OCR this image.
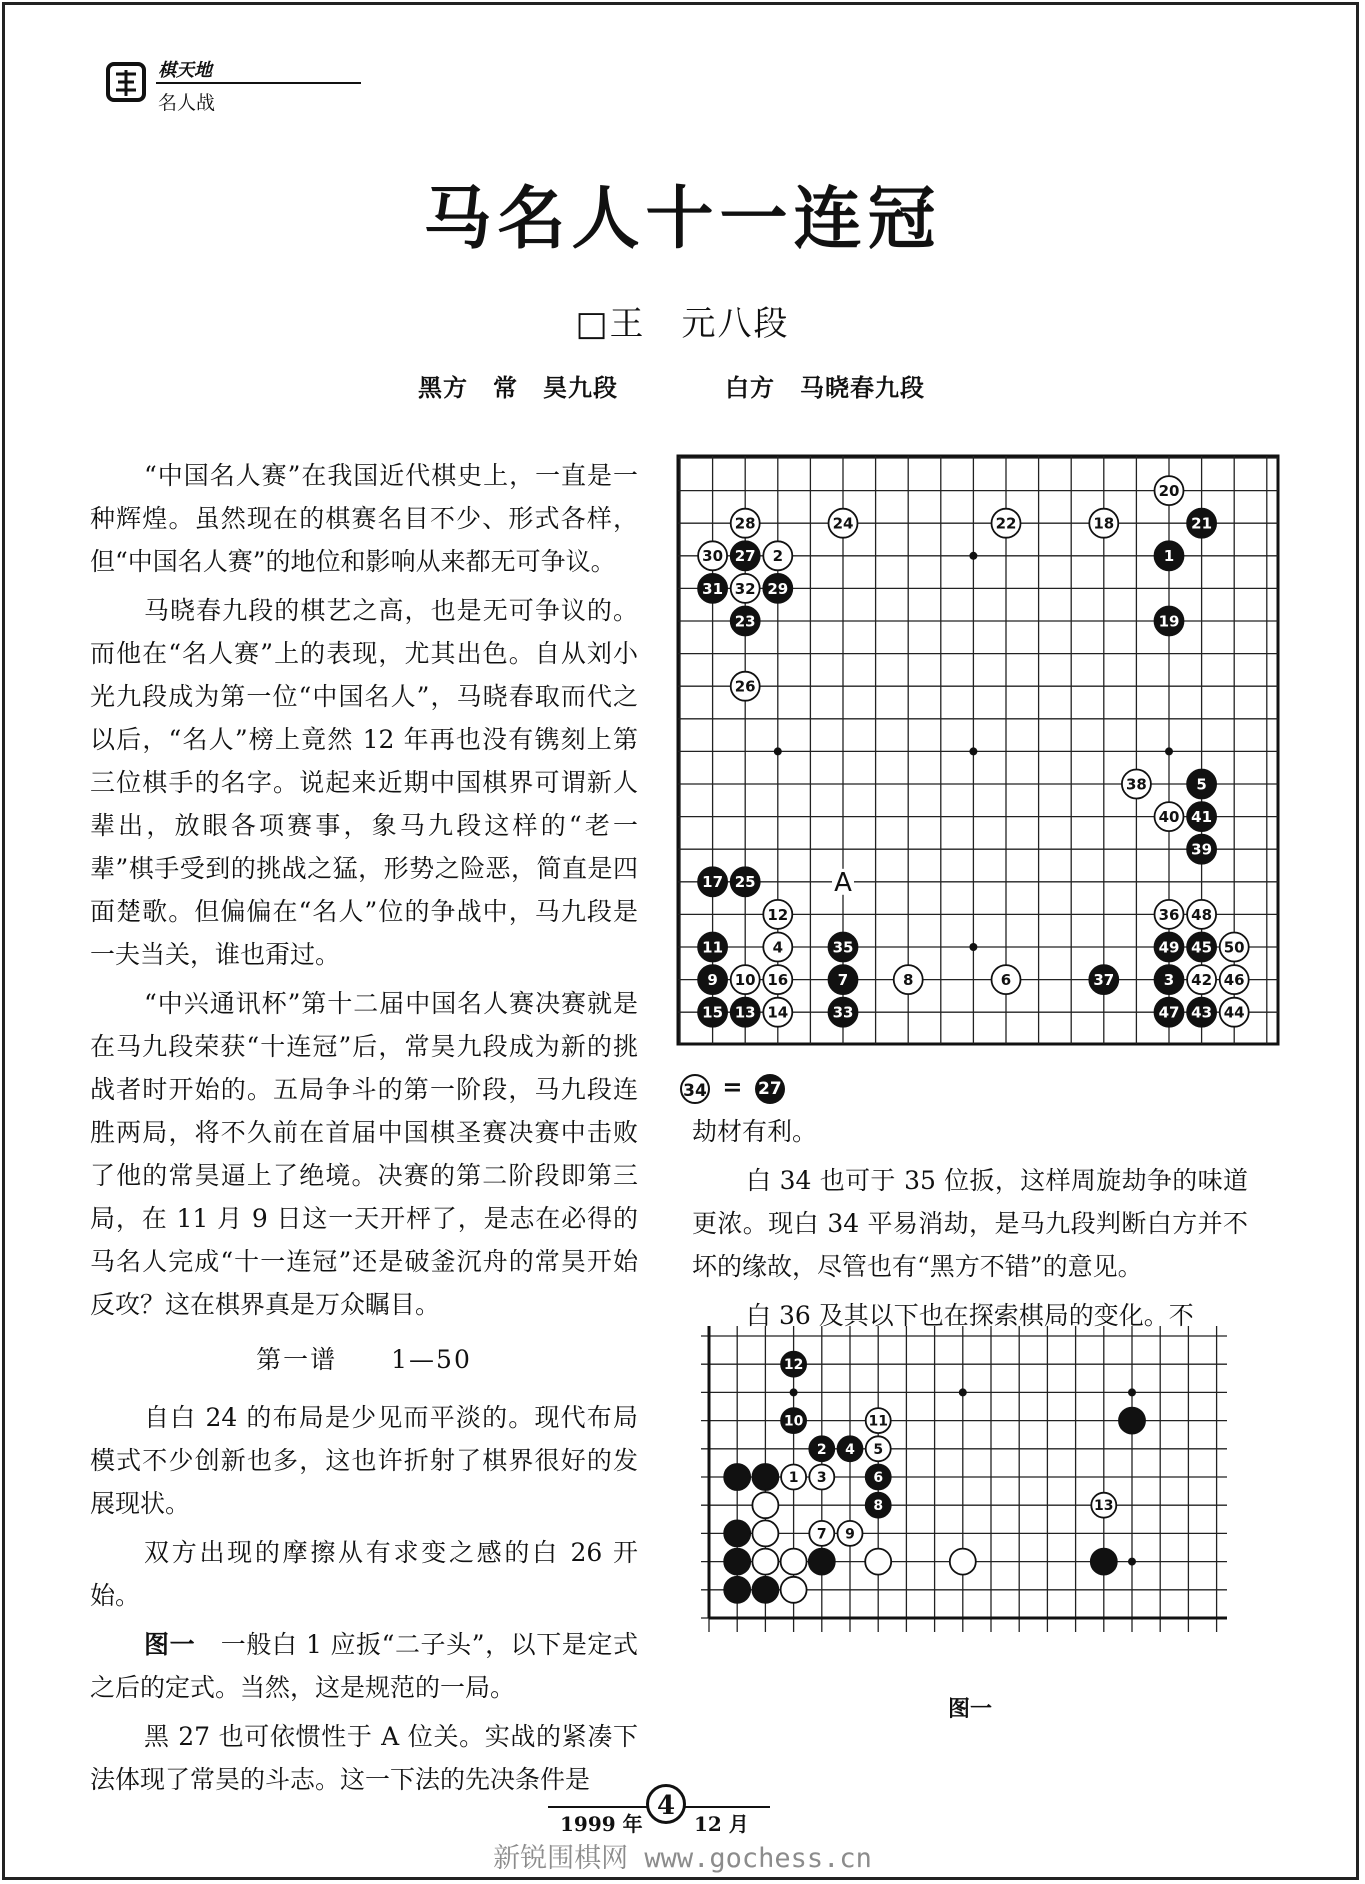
棋天地
名人战
马名人十一连冠
□王　元八段
黑方　常　昊九段	白方　马晓春九段

“中国名人赛”在我国近代棋史上，一直是一种辉煌。虽然现在的棋赛名目不少、形式各样，但“中国名人赛”的地位和影响从来都无可争议。

马晓春九段的棋艺之高，也是无可争议的。而他在“名人赛”上的表现，尤其出色。自从刘小光九段成为第一位“中国名人”，马晓春取而代之以后，“名人”榜上竟然 12 年再也没有镌刻上第三位棋手的名字。说起来近期中国棋界可谓新人辈出，放眼各项赛事，象马九段这样的“老一辈”棋手受到的挑战之猛，形势之险恶，简直是四面楚歌。但偏偏在“名人”位的争战中，马九段是一夫当关，谁也甭过。

“中兴通讯杯”第十二届中国名人赛决赛就是在马九段荣获“十连冠”后，常昊九段成为新的挑战者时开始的。五局争斗的第一阶段，马九段连胜两局，将不久前在首届中国棋圣赛决赛中击败了他的常昊逼上了绝境。决赛的第二阶段即第三局，在 11 月 9 日这一天开枰了，是志在必得的马名人完成“十一连冠”还是破釜沉舟的常昊开始反攻？这在棋界真是万众瞩目。

第一谱　　1—50

自白 24 的布局是少见而平淡的。现代布局模式不少创新也多，这也许折射了棋界很好的发展现状。

双方出现的摩擦从有求变之感的白 26 开始。

图一　一般白 1 应扳“二子头”，以下是定式之后的定式。当然，这是规范的一局。

黑 27 也可依惯性于 A 位关。实战的紧凑下法体现了常昊的斗志。这一下法的先决条件是

1
2
3
4
5
6
7	8
9 10
11
12
13 14
15
16
17
18
19
20
21
22
23
24
25
26
27
28
29
30
31 32
33
35
36
37
38
39
40 41
42
43 44
45
46
47
48
49	50
A
34 = 27

劫材有利。

白 34 也可于 35 位扳，这样周旋劫争的味道更浓。现白 34 平易消劫，是马九段判断白方并不坏的缘故，尽管也有“黑方不错”的意见。

白 36 及其以下也在探索棋局的变化。不

1
2
3
4 5
6
7
8
9
10	11
12
13
图一
1999 年
4
12 月
新锐围棋网 www.gochess.cn
